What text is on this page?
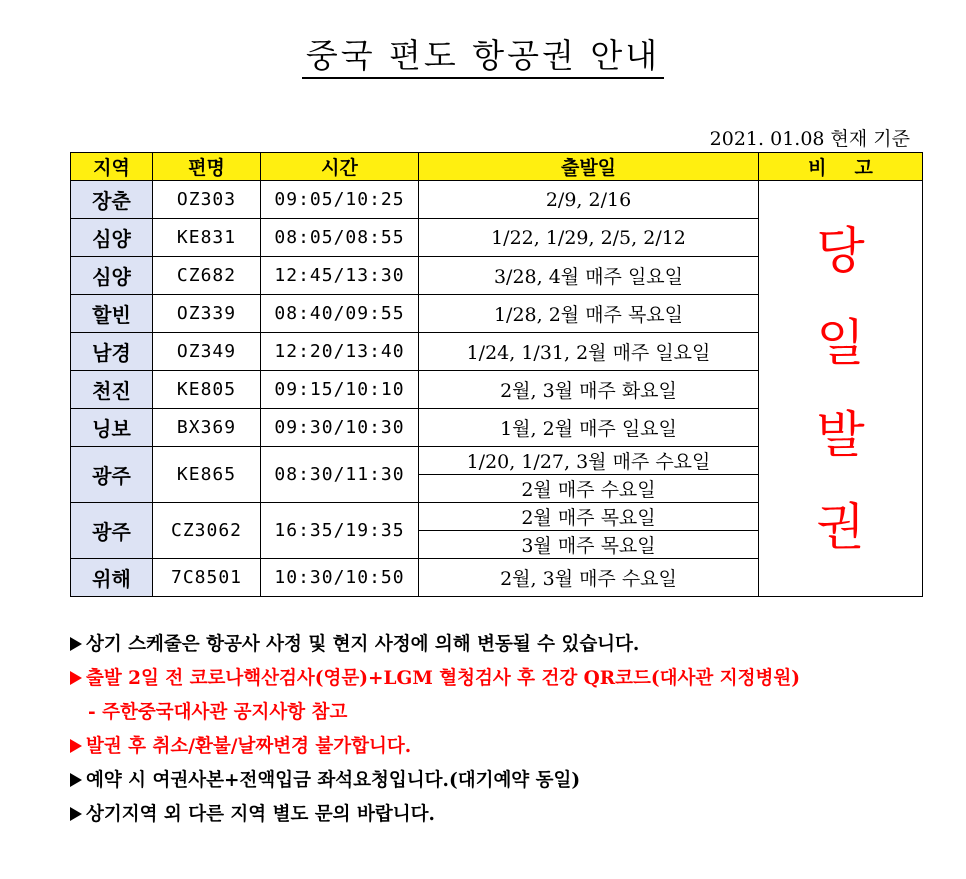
중국 편도 항공권 안내
2021. 01.08 현재 기준
지역	편명	시간	출발일	비고
장춘	OZ303	09:05/10:25	2/9, 2/16	당
일
발
권

심양	KE831	08:05/08:55	1/22, 1/29, 2/5, 2/12	
심양	CZ682	12:45/13:30	3/28, 4월 매주 일요일	
할빈	OZ339	08:40/09:55	1/28, 2월 매주 목요일	
남경	OZ349	12:20/13:40	1/24, 1/31, 2월 매주 일요일	
천진	KE805	09:15/10:10	2월, 3월 매주 화요일	
닝보	BX369	09:30/10:30	1월, 2월 매주 일요일	
광주	KE865	08:30/11:30	1/20, 1/27, 3월 매주 수요일	
			2월 매주 수요일	
광주	CZ3062	16:35/19:35	2월 매주 목요일	
			3월 매주 목요일	
위해	7C8501	10:30/10:50	2월, 3월 매주 수요일	
상기 스케줄은 항공사 사정 및 현지 사정에 의해 변동될 수 있습니다.
출발 2일 전 코로나핵산검사(영문)+LGM 혈청검사 후 건강 QR코드(대사관 지정병원)
- 주한중국대사관 공지사항 참고
발권 후 취소/환불/날짜변경 불가합니다.
예약 시 여권사본+전액입금 좌석요청입니다.(대기예약 동일)
상기지역 외 다른 지역 별도 문의 바랍니다.
